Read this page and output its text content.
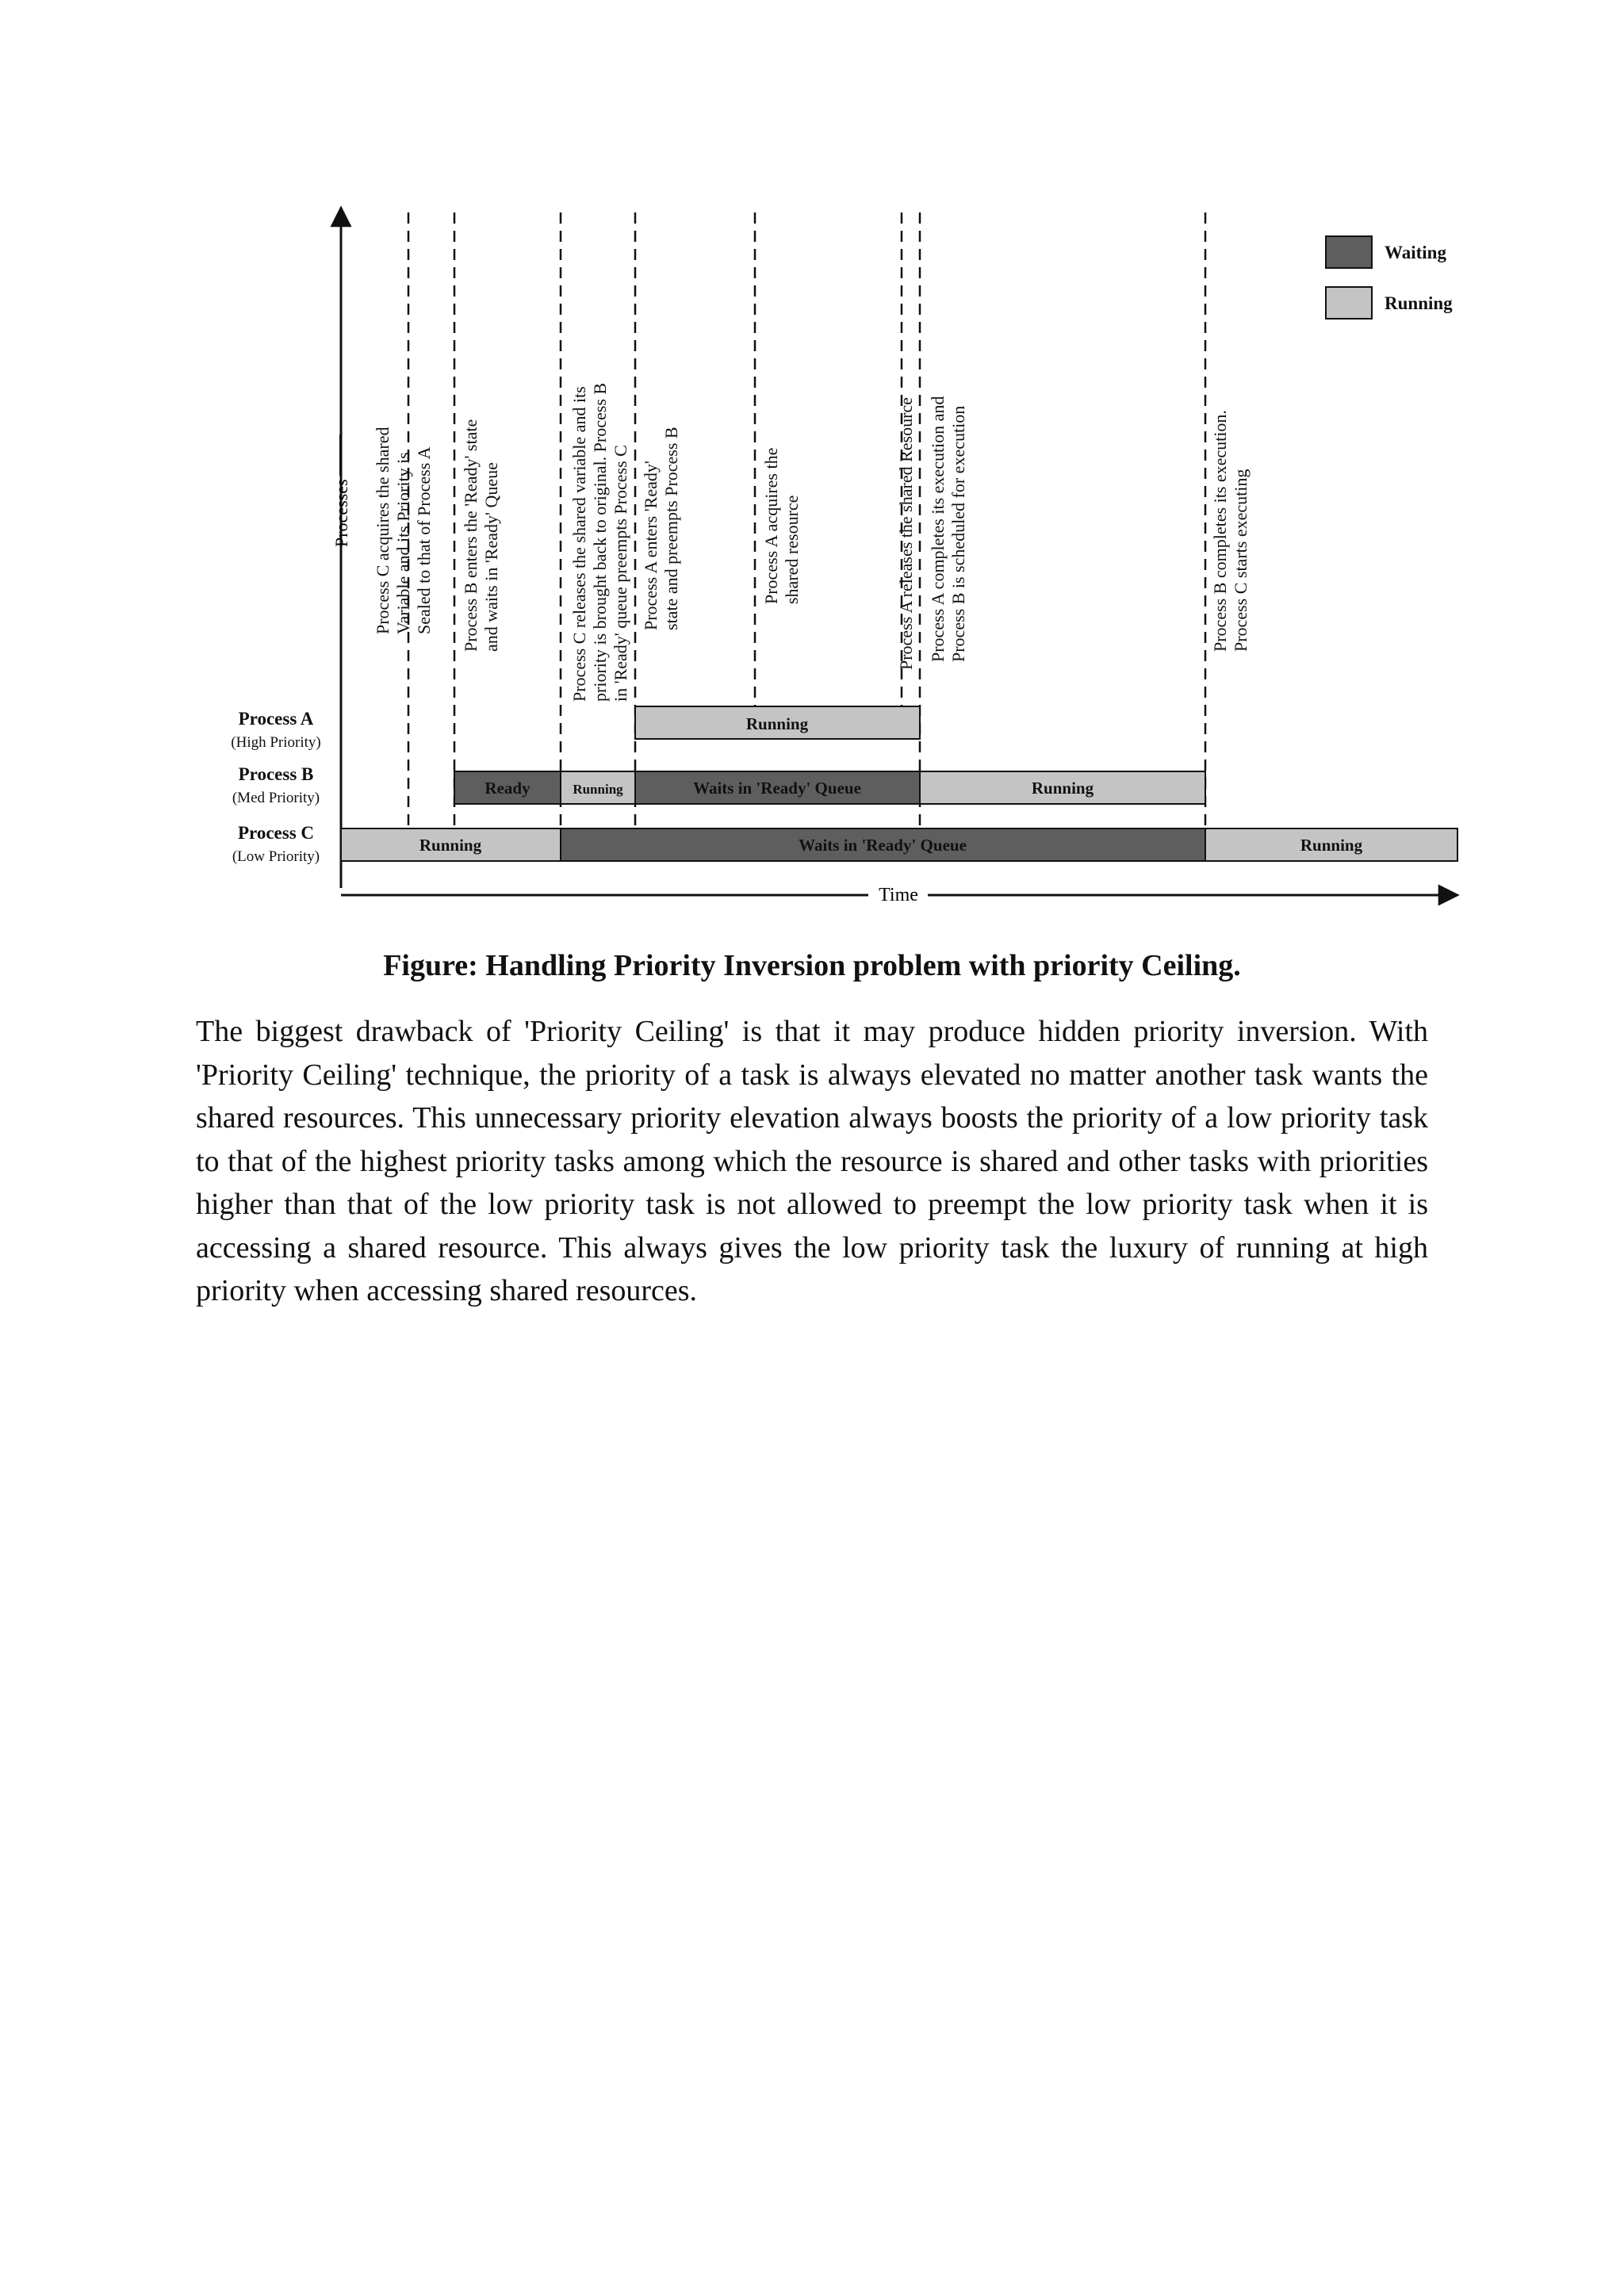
Time
Processes Process C acquires the shared Variable and its Priority is Sealed to that of Process A Process B enters the 'Ready' state and waits in 'Ready' Queue	Process C releases the shared variable and its priority is brought back to original. Process B in 'Ready' queue preempts Process C Process A enters 'Ready' state and preempts Process B	Process A acquires the shared resource	Process A releases the shared Resource Process A completes its execution and Process B is scheduled for execution	Process B completes its execution. Process C starts executing
Process A
(High Priority)
Process B
(Med Priority)
Process C
(Low Priority)
Running
Ready	Running	Waits in 'Ready' Queue	Running
Running	Waits in 'Ready' Queue	Running
Waiting
Running
Figure: Handling Priority Inversion problem with priority Ceiling.

The biggest drawback of 'Priority Ceiling' is that it may produce hidden priority inversion. With 'Priority Ceiling' technique, the priority of a task is always elevated no matter another task wants the shared resources. This unnecessary priority elevation always boosts the priority of a low priority task to that of the highest priority tasks among which the resource is shared and other tasks with priorities higher than that of the low priority task is not allowed to preempt the low priority task when it is accessing a shared resource. This always gives the low priority task the luxury of running at high priority when accessing shared resources.
